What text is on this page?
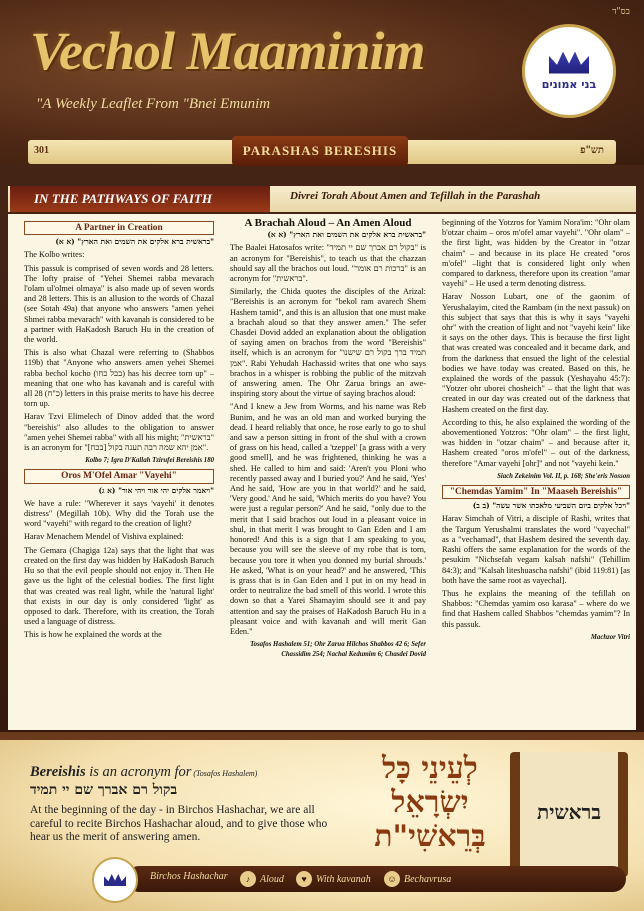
בס"ד
Vechol Maaminim
"A Weekly Leaflet From "Bnei Emunim
בני אמונים
301	תש"פ
PARASHAS BERESHIS
IN THE PATHWAYS OF FAITH	Divrei Torah About Amen and Tefillah in the Parashah
A Partner in Creation

"בראשית ברא אלקים את השמים ואת הארץ" (א א)

The Kolbo writes:

This passuk is comprised of seven words and 28 letters. The lofty praise of "Yehei Shemei rabba mevarach l'olam ul'olmei olmaya" is also made up of seven words and 28 letters. This is an allusion to the words of Chazal (see Sotah 49a) that anyone who answers "amen yehei Shmei rabba mevarach" with kavanah is considered to be a partner with HaKadosh Baruch Hu in the creation of the world.

This is also what Chazal were referring to (Shabbos 119b) that "Anyone who answers amen yehei Shemei rabba bechol kocho (בכל כחו) has his decree torn up" – meaning that one who has kavanah and is careful with all 28 (כ"ח) letters in this praise merits to have his decree torn up.

Harav Tzvi Elimelech of Dinov added that the word "bereishis" also alludes to the obligation to answer "amen yehei Shemei rabba" with all his might; "בראשית" is an acronym for "אמן יהא שמה רבה תענה בקול [בכח]".

Kolbo 7; Igra D'Kallah Tzirufei Bereishis 180

Oros M'Ofel Amar "Vayehi"

"ויאמר אלקים יהי אור ויהי אור" (א ג)

We have a rule: "Wherever it says 'vayehi' it denotes distress" (Megillah 10b). Why did the Torah use the word "vayehi" with regard to the creation of light?

Harav Menachem Mendel of Vishiva explained:

The Gemara (Chagiga 12a) says that the light that was created on the first day was hidden by HaKadosh Baruch Hu so that the evil people should not enjoy it. Then He gave us the light of the celestial bodies. The first light that was created was real light, while the 'natural light' that exists in our day is only considered 'light' as opposed to dark. Therefore, with its creation, the Torah used a language of distress.

This is how he explained the words at the

A Brachah Aloud – An Amen Aloud

"בראשית ברא אלקים את השמים ואת הארץ" (א א)

The Baalei Hatosafos write: "בקול רם אברך שם יי תמיד" is an acronym for "Bereishis", to teach us that the chazzan should say all the brachos out loud. "ברכות רם אומר" is an acronym for "בראשית".

Similarly, the Chida quotes the disciples of the Arizal: "Bereishis is an acronym for "bekol ram avarech Shem Hashem tamid", and this is an allusion that one must make a brachah aloud so that they answer amen." The sefer Chasdei Dovid added an explanation about the obligation of saying amen on brachos from the word "Bereishis" itself, which is an acronym for "תמיד ברך בקול רם שישנו אמן". Rabi Yehudah Hachassid writes that one who says brachos in a whisper is robbing the public of the mitzvah of answering amen. The Ohr Zarua brings an awe-inspiring story about the virtue of saying brachos aloud:

"And I knew a Jew from Worms, and his name was Reb Bunim, and he was an old man and worked burying the dead. I heard reliably that once, he rose early to go to shul and saw a person sitting in front of the shul with a crown of grass on his head, called a 'tzeppel' [a grass with a very good smell], and he was frightened, thinking he was a shed. He called to him and said: 'Aren't you Ploni who recently passed away and I buried you?' And he said, 'Yes' And he said, 'How are you in that world?' and he said, 'Very good.' And he said, 'Which merits do you have? You were just a regular person?' And he said, "only due to the merit that I said brachos out loud in a pleasant voice in shul, in that merit I was brought to Gan Eden and I am honored! And this is a sign that I am speaking to you, because you will see the sleeve of my robe that is torn, because you tore it when you donned my burial shrouds.' He asked, 'What is on your head?' and he answered, 'This is grass that is in Gan Eden and I put in on my head in order to neutralize the bad smell of this world. I wrote this down so that a Yarei Shamayim should see it and pay attention and say the praises of HaKadosh Baruch Hu in a pleasant voice and with kavanah and will merit Gan Eden."

Tosafos Hashalem 51; Ohr Zarua Hilchos Shabbos 42 6; Sefer Chassidim 254; Nachal Kedumim 6; Chasdei Dovid

beginning of the Yotzros for Yamim Nora'im: "Ohr olam b'otzar chaim – oros m'ofel amar vayehi". "Ohr olam" – the first light, was hidden by the Creator in "otzar chaim" – and because in its place He created "oros m'ofel" –light that is considered light only when compared to darkness, therefore upon its creation "amar vayehi" – He used a term denoting distress.

Harav Nosson Lubart, one of the gaonim of Yerushalayim, cited the Rambam (in the next passuk) on this subject that says that this is why it says "vayehi ohr" with the creation of light and not "vayehi kein" like it says on the other days. This is because the first light that was created was concealed and it became dark, and from the darkness that ensued the light of the celestial bodies we have today was created. Based on this, he explained the words of the passuk (Yeshayahu 45:7): "Yotzer ohr uborei chosheich" – that the light that was created in our day was created out of the darkness that Hashem created on the first day.

According to this, he also explained the wording of the abovementioned Yotzros: "Ohr olam" – the first light, was hidden in "otzar chaim" – and because after it, Hashem created "oros m'ofel" – out of the darkness, therefore "Amar vayehi [ohr]" and not "vayehi kein."

Siach Zekeinim Vol. II, p. 168; She'eris Nosson

"Chemdas Yamim" In "Maaseh Bereishis"

"ויכל אלקים ביום השביעי מלאכתו אשר עשה" (ב ב)

Harav Simchah of Vitri, a disciple of Rashi, writes that the Targum Yerushalmi translates the word "vayechal" as a "vechamad", that Hashem desired the seventh day. Rashi offers the same explanation for the words of the pesukim "Nichsefah vegam kalsah nafshi" (Tehillim 84:3); and "Kalsah liteshuascha nafshi" (ibid 119:81) [as both have the same root as vayechal].

Thus he explains the meaning of the tefillah on Shabbos: "Chemdas yamim oso karasa" – where do we find that Hashem called Shabbos "chemdas yamim"? In this passuk.

Machzor Vitri

Bereishis is an acronym for (Tosafos Hashalem)
בקול רם אברך שם יי תמיד
At the beginning of the day - in Birchos Hashachar, we are all careful to recite Birchos Hashachar aloud, and to give those who hear us the merit of answering amen.
לְעֵינֵי כָּל יִשְׂרָאֵל בְּרֵאשִׁי"ת
בראשית
Birchos Hashachar	♪ Aloud	♥ With kavanah	☺ Bechavrusa
